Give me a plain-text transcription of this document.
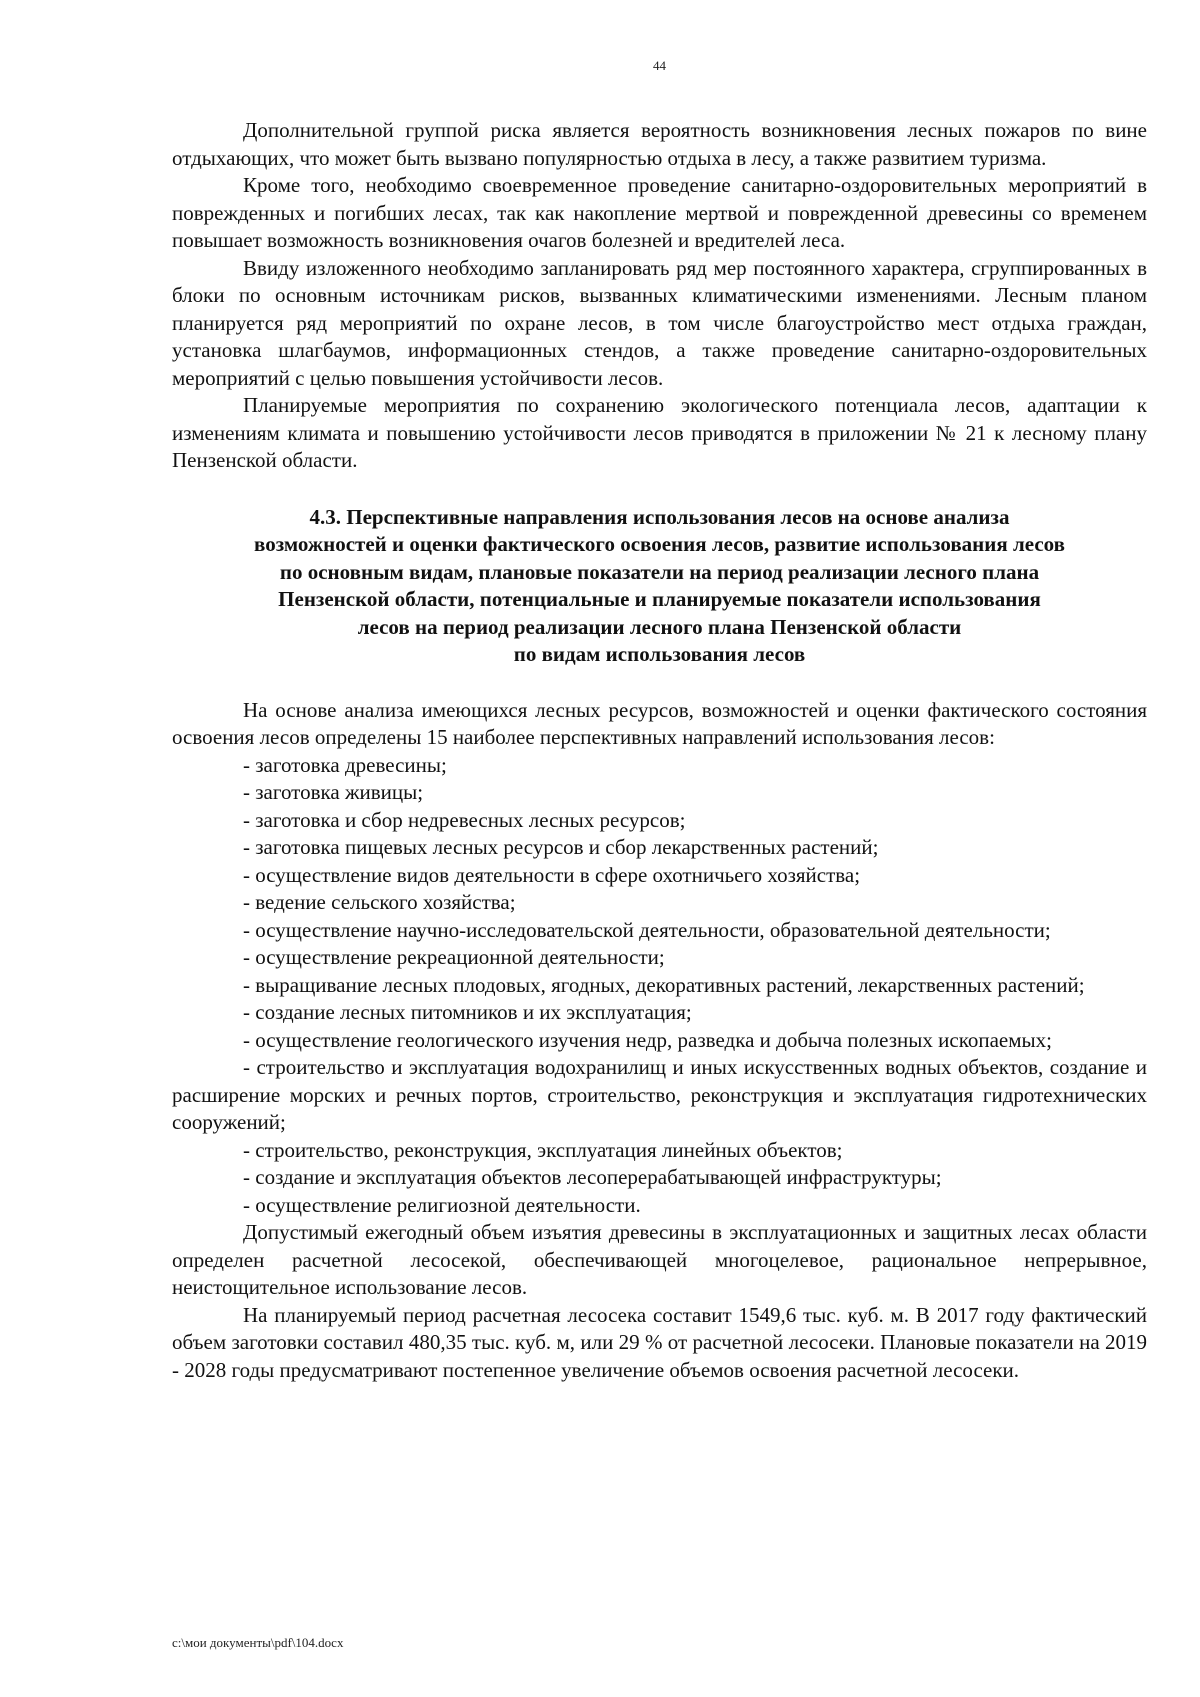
44

Дополнительной группой риска является вероятность возникновения лесных пожаров по вине отдыхающих, что может быть вызвано популярностью отдыха в лесу, а также развитием туризма.

Кроме того, необходимо своевременное проведение санитарно-оздоровительных мероприятий в поврежденных и погибших лесах, так как накопление мертвой и поврежденной древесины со временем повышает возможность возникновения очагов болезней и вредителей леса.

Ввиду изложенного необходимо запланировать ряд мер постоянного характера, сгруппированных в блоки по основным источникам рисков, вызванных климатическими изменениями. Лесным планом планируется ряд мероприятий по охране лесов, в том числе благоустройство мест отдыха граждан, установка шлагбаумов, информационных стендов, а также проведение санитарно-оздоровительных мероприятий с целью повышения устойчивости лесов.

Планируемые мероприятия по сохранению экологического потенциала лесов, адаптации к изменениям климата и повышению устойчивости лесов приводятся в приложении № 21 к лесному плану Пензенской области.

4.3. Перспективные направления использования лесов на основе анализа
возможностей и оценки фактического освоения лесов, развитие использования лесов
по основным видам, плановые показатели на период реализации лесного плана
Пензенской области, потенциальные и планируемые показатели использования
лесов на период реализации лесного плана Пензенской области
по видам использования лесов

На основе анализа имеющихся лесных ресурсов, возможностей и оценки фактического состояния освоения лесов определены 15 наиболее перспективных направлений использования лесов:

- заготовка древесины;

- заготовка живицы;

- заготовка и сбор недревесных лесных ресурсов;

- заготовка пищевых лесных ресурсов и сбор лекарственных растений;

- осуществление видов деятельности в сфере охотничьего хозяйства;

- ведение сельского хозяйства;

- осуществление научно-исследовательской деятельности, образовательной деятельности;

- осуществление рекреационной деятельности;

- выращивание лесных плодовых, ягодных, декоративных растений, лекарственных растений;

- создание лесных питомников и их эксплуатация;

- осуществление геологического изучения недр, разведка и добыча полезных ископаемых;

- строительство и эксплуатация водохранилищ и иных искусственных водных объектов, создание и расширение морских и речных портов, строительство, реконструкция и эксплуатация гидротехнических сооружений;

- строительство, реконструкция, эксплуатация линейных объектов;

- создание и эксплуатация объектов лесоперерабатывающей инфраструктуры;

- осуществление религиозной деятельности.

Допустимый ежегодный объем изъятия древесины в эксплуатационных и защитных лесах области определен расчетной лесосекой, обеспечивающей многоцелевое, рациональное непрерывное, неистощительное использование лесов.

На планируемый период расчетная лесосека составит 1549,6 тыс. куб. м. В 2017 году фактический объем заготовки составил 480,35 тыс. куб. м, или 29 % от расчетной лесосеки. Плановые показатели на 2019 - 2028 годы предусматривают постепенное увеличение объемов освоения расчетной лесосеки.

c:\мои документы\pdf\104.docx
